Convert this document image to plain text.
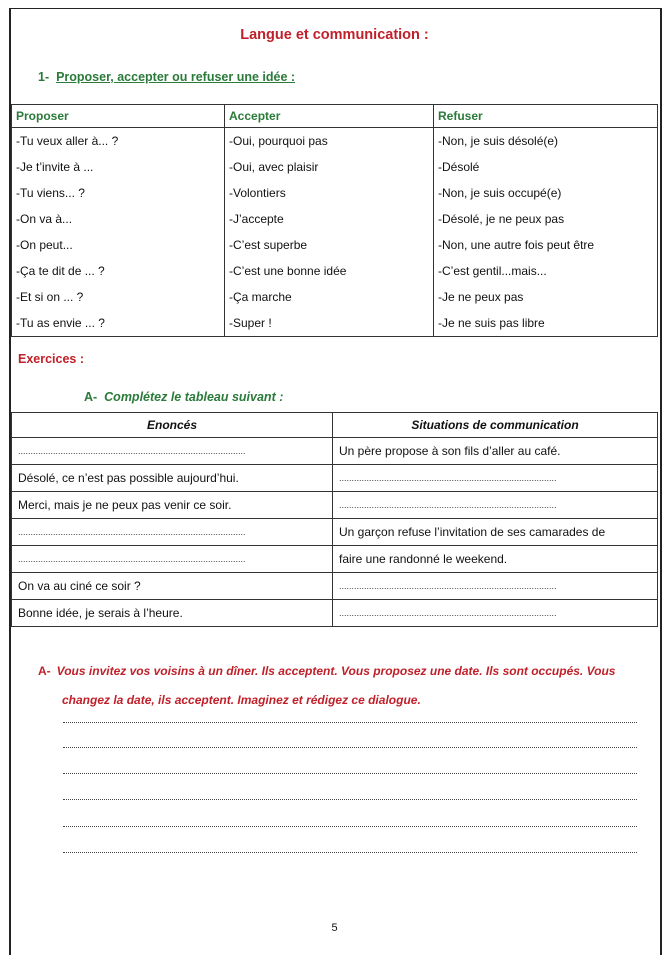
Langue et communication :
1- Proposer, accepter ou refuser une idée :
Proposer	Accepter	Refuser
-Tu veux aller à... ?	-Oui, pourquoi pas	-Non, je suis désolé(e)
-Je t’invite à ...	-Oui, avec plaisir	-Désolé
-Tu viens... ?	-Volontiers	-Non, je suis occupé(e)
-On va à...	-J’accepte	-Désolé, je ne peux pas
-On peut...	-C’est superbe	-Non, une autre fois peut être
-Ça te dit de ... ?	-C’est une bonne idée	-C’est gentil...mais...
-Et si on ... ?	-Ça marche	-Je ne peux pas
-Tu as envie ... ?	-Super !	-Je ne suis pas libre
Exercices :
A- Complétez le tableau suivant :
Enoncés	Situations de communication
...........................................................................................	Un père propose à son fils d’aller au café.
Désolé, ce n’est pas possible aujourd’hui.	.......................................................................................
Merci, mais je ne peux pas venir ce soir.	.......................................................................................
...........................................................................................	Un garçon refuse l’invitation de ses camarades de
...........................................................................................	faire une randonné le weekend.
On va au ciné ce soir ?	.......................................................................................
Bonne idée, je serais à l’heure.	.......................................................................................
A- Vous invitez vos voisins à un dîner. Ils acceptent. Vous proposez une date. Ils sont occupés. Vous
changez la date, ils acceptent. Imaginez et rédigez ce dialogue.
5
